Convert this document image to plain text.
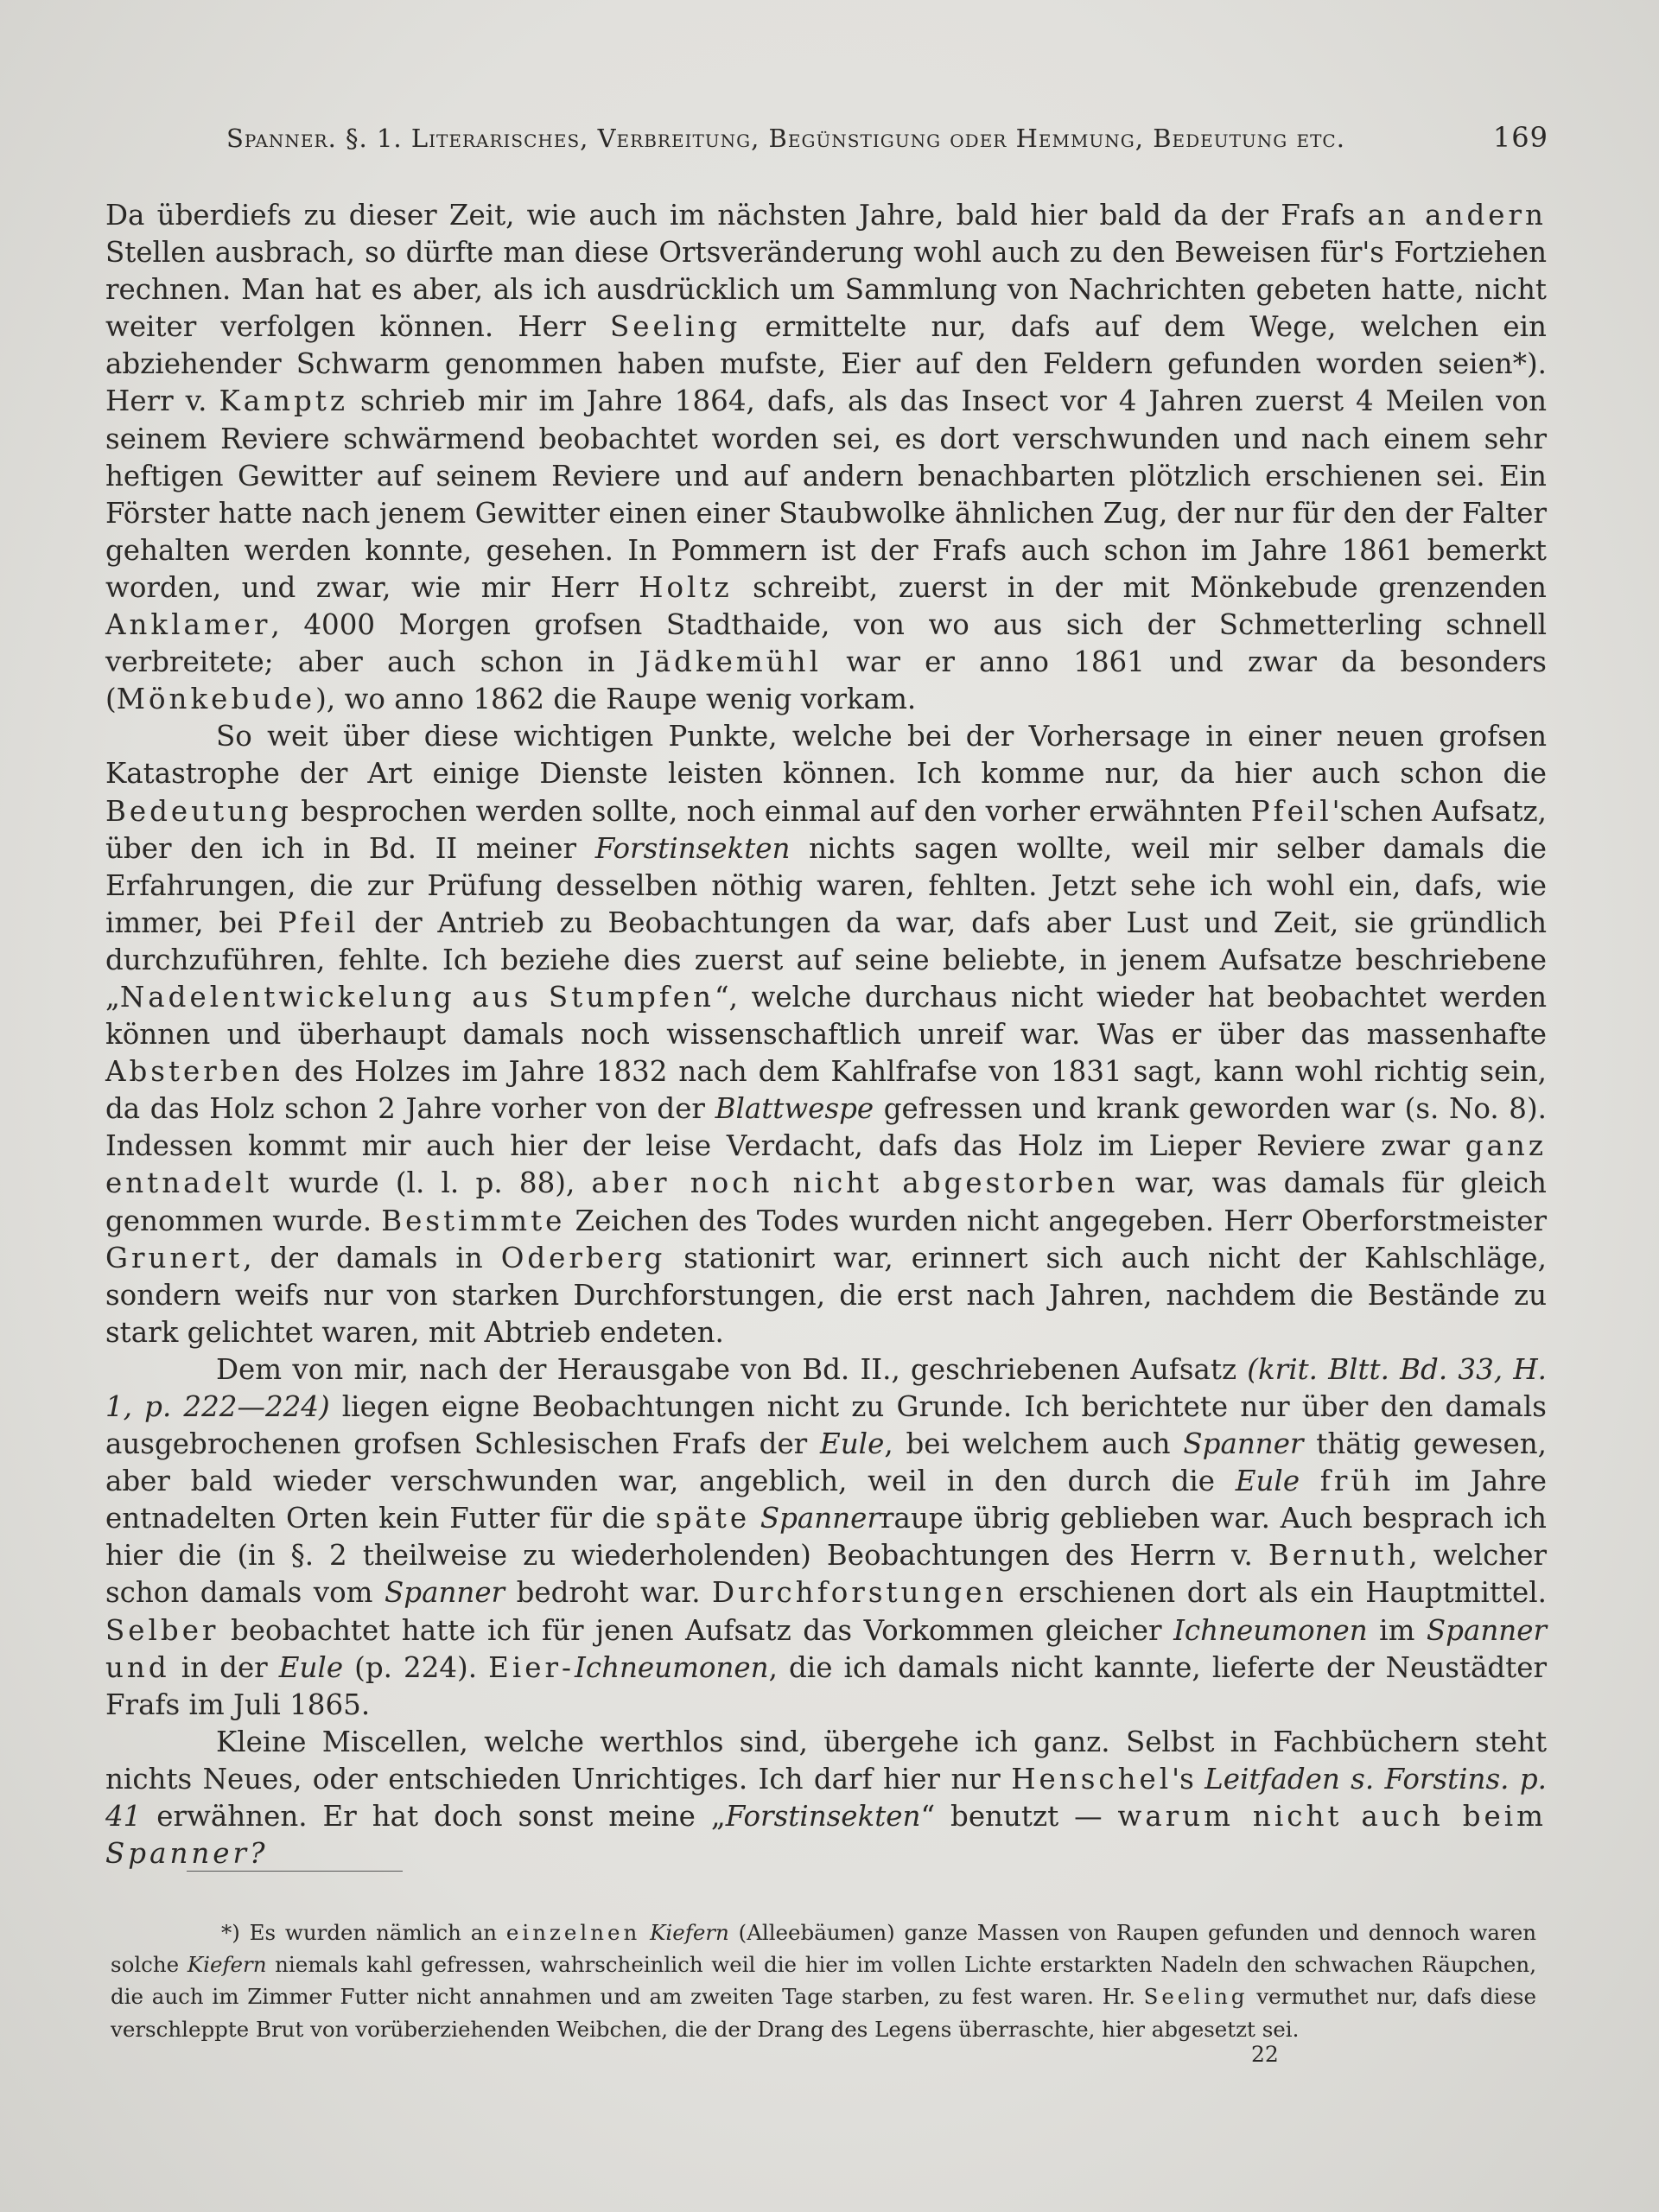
Spanner. §. 1. Literarisches, Verbreitung, Begünstigung oder Hemmung, Bedeutung etc.	169

Da überdiefs zu dieser Zeit, wie auch im nächsten Jahre, bald hier bald da der Frafs an andern Stellen ausbrach, so dürfte man diese Ortsveränderung wohl auch zu den Beweisen für's Fortziehen rechnen. Man hat es aber, als ich ausdrücklich um Sammlung von Nachrichten gebeten hatte, nicht weiter verfolgen können. Herr Seeling ermittelte nur, dafs auf dem Wege, welchen ein abziehender Schwarm genommen haben mufste, Eier auf den Feldern gefunden worden seien*). Herr v. Kamptz schrieb mir im Jahre 1864, dafs, als das Insect vor 4 Jahren zuerst 4 Meilen von seinem Reviere schwärmend beobachtet worden sei, es dort verschwunden und nach einem sehr heftigen Gewitter auf seinem Reviere und auf andern benachbarten plötzlich erschienen sei. Ein Förster hatte nach jenem Gewitter einen einer Staubwolke ähnlichen Zug, der nur für den der Falter gehalten werden konnte, gesehen. In Pommern ist der Frafs auch schon im Jahre 1861 bemerkt worden, und zwar, wie mir Herr Holtz schreibt, zuerst in der mit Mönkebude grenzenden Anklamer, 4000 Morgen grofsen Stadthaide, von wo aus sich der Schmetterling schnell verbreitete; aber auch schon in Jädkemühl war er anno 1861 und zwar da besonders (Mönkebude), wo anno 1862 die Raupe wenig vorkam.

So weit über diese wichtigen Punkte, welche bei der Vorhersage in einer neuen grofsen Katastrophe der Art einige Dienste leisten können. Ich komme nur, da hier auch schon die Bedeutung besprochen werden sollte, noch einmal auf den vorher erwähnten Pfeil'schen Aufsatz, über den ich in Bd. II meiner Forstinsekten nichts sagen wollte, weil mir selber damals die Erfahrungen, die zur Prüfung desselben nöthig waren, fehlten. Jetzt sehe ich wohl ein, dafs, wie immer, bei Pfeil der Antrieb zu Beobachtungen da war, dafs aber Lust und Zeit, sie gründlich durchzuführen, fehlte. Ich beziehe dies zuerst auf seine beliebte, in jenem Aufsatze beschriebene „Nadelentwickelung aus Stumpfen“, welche durchaus nicht wieder hat beobachtet werden können und überhaupt damals noch wissenschaftlich unreif war. Was er über das massenhafte Absterben des Holzes im Jahre 1832 nach dem Kahlfrafse von 1831 sagt, kann wohl richtig sein, da das Holz schon 2 Jahre vorher von der Blattwespe gefressen und krank geworden war (s. No. 8). Indessen kommt mir auch hier der leise Verdacht, dafs das Holz im Lieper Reviere zwar ganz entnadelt wurde (l. l. p. 88), aber noch nicht abgestorben war, was damals für gleich genommen wurde. Bestimmte Zeichen des Todes wurden nicht angegeben. Herr Oberforstmeister Grunert, der damals in Oderberg stationirt war, erinnert sich auch nicht der Kahlschläge, sondern weifs nur von starken Durchforstungen, die erst nach Jahren, nachdem die Bestände zu stark gelichtet waren, mit Abtrieb endeten.

Dem von mir, nach der Herausgabe von Bd. II., geschriebenen Aufsatz (krit. Bltt. Bd. 33, H. 1, p. 222—224) liegen eigne Beobachtungen nicht zu Grunde. Ich berichtete nur über den damals ausgebrochenen grofsen Schlesischen Frafs der Eule, bei welchem auch Spanner thätig gewesen, aber bald wieder verschwunden war, angeblich, weil in den durch die Eule früh im Jahre entnadelten Orten kein Futter für die späte Spannerraupe übrig geblieben war. Auch besprach ich hier die (in §. 2 theilweise zu wiederholenden) Beobachtungen des Herrn v. Bernuth, welcher schon damals vom Spanner bedroht war. Durchforstungen erschienen dort als ein Hauptmittel. Selber beobachtet hatte ich für jenen Aufsatz das Vorkommen gleicher Ichneumonen im Spanner und in der Eule (p. 224). Eier-Ichneumonen, die ich damals nicht kannte, lieferte der Neustädter Frafs im Juli 1865.

Kleine Miscellen, welche werthlos sind, übergehe ich ganz. Selbst in Fachbüchern steht nichts Neues, oder entschieden Unrichtiges. Ich darf hier nur Henschel's Leitfaden s. Forstins. p. 41 erwähnen. Er hat doch sonst meine „Forstinsekten“ benutzt — warum nicht auch beim Spanner?

*) Es wurden nämlich an einzelnen Kiefern (Alleebäumen) ganze Massen von Raupen gefunden und dennoch waren solche Kiefern niemals kahl gefressen, wahrscheinlich weil die hier im vollen Lichte erstarkten Nadeln den schwachen Räupchen, die auch im Zimmer Futter nicht annahmen und am zweiten Tage starben, zu fest waren. Hr. Seeling vermuthet nur, dafs diese verschleppte Brut von vorüberziehenden Weibchen, die der Drang des Legens überraschte, hier abgesetzt sei.

22
